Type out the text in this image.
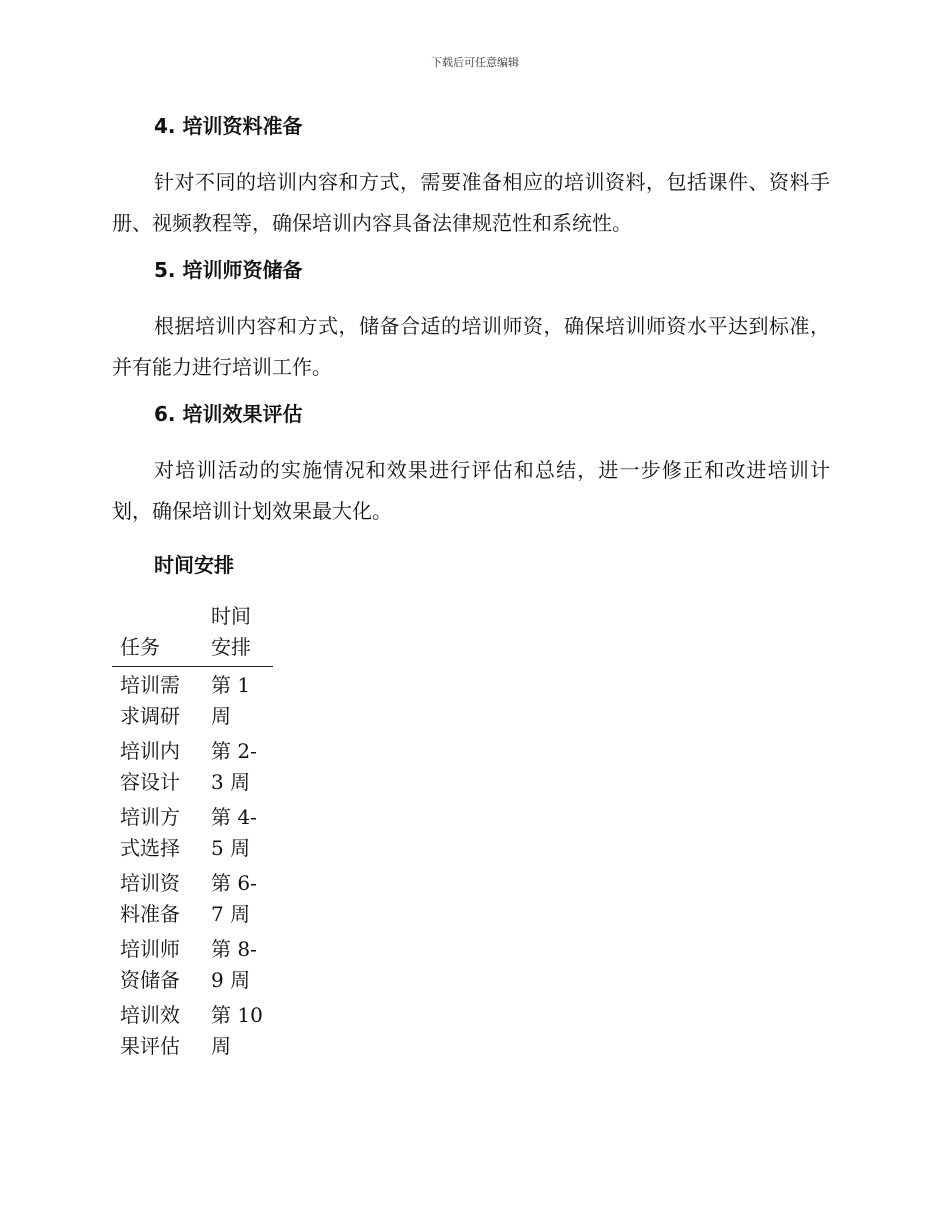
下载后可任意编辑
4. 培训资料准备

针对不同的培训内容和方式，需要准备相应的培训资料，包括课件、资料手册、视频教程等，确保培训内容具备法律规范性和系统性。

5. 培训师资储备

根据培训内容和方式，储备合适的培训师资，确保培训师资水平达到标准，并有能力进行培训工作。

6. 培训效果评估

对培训活动的实施情况和效果进行评估和总结，进一步修正和改进培训计划，确保培训计划效果最大化。

时间安排
任务	时间安排

培训需求调研	第 1 周

培训内容设计	第 2-3 周

培训方式选择	第 4-5 周

培训资料准备	第 6-7 周

培训师资储备	第 8-9 周

培训效果评估	第 10 周
